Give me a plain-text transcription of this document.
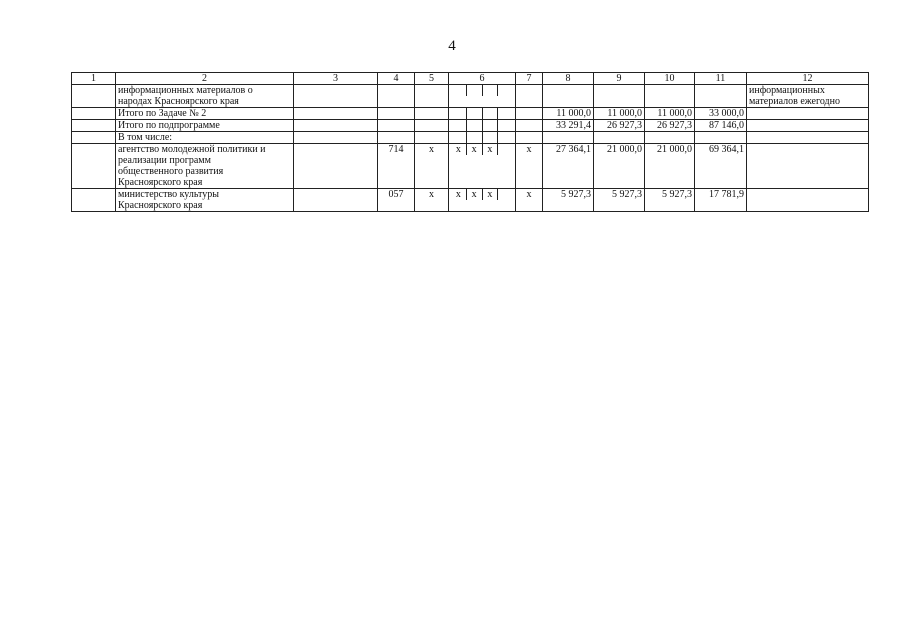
4
1	2	3	4	5	6	7	8	9	10	11	12

	информационных материалов о
народах Красноярского края										информационных
материалов ежегодно

	Итого по Задаче № 2						11 000,0	11 000,0	11 000,0	33 000,0	

	Итого по подпрограмме						33 291,4	26 927,3	26 927,3	87 146,0	

	В том числе:										

	агентство молодежной политики и
реализации программ
общественного развития
Красноярского края		714	х	х х х	х	27 364,1	21 000,0	21 000,0	69 364,1	

	министерство культуры
Красноярского края		057	х	х х х	х	5 927,3	5 927,3	5 927,3	17 781,9	
